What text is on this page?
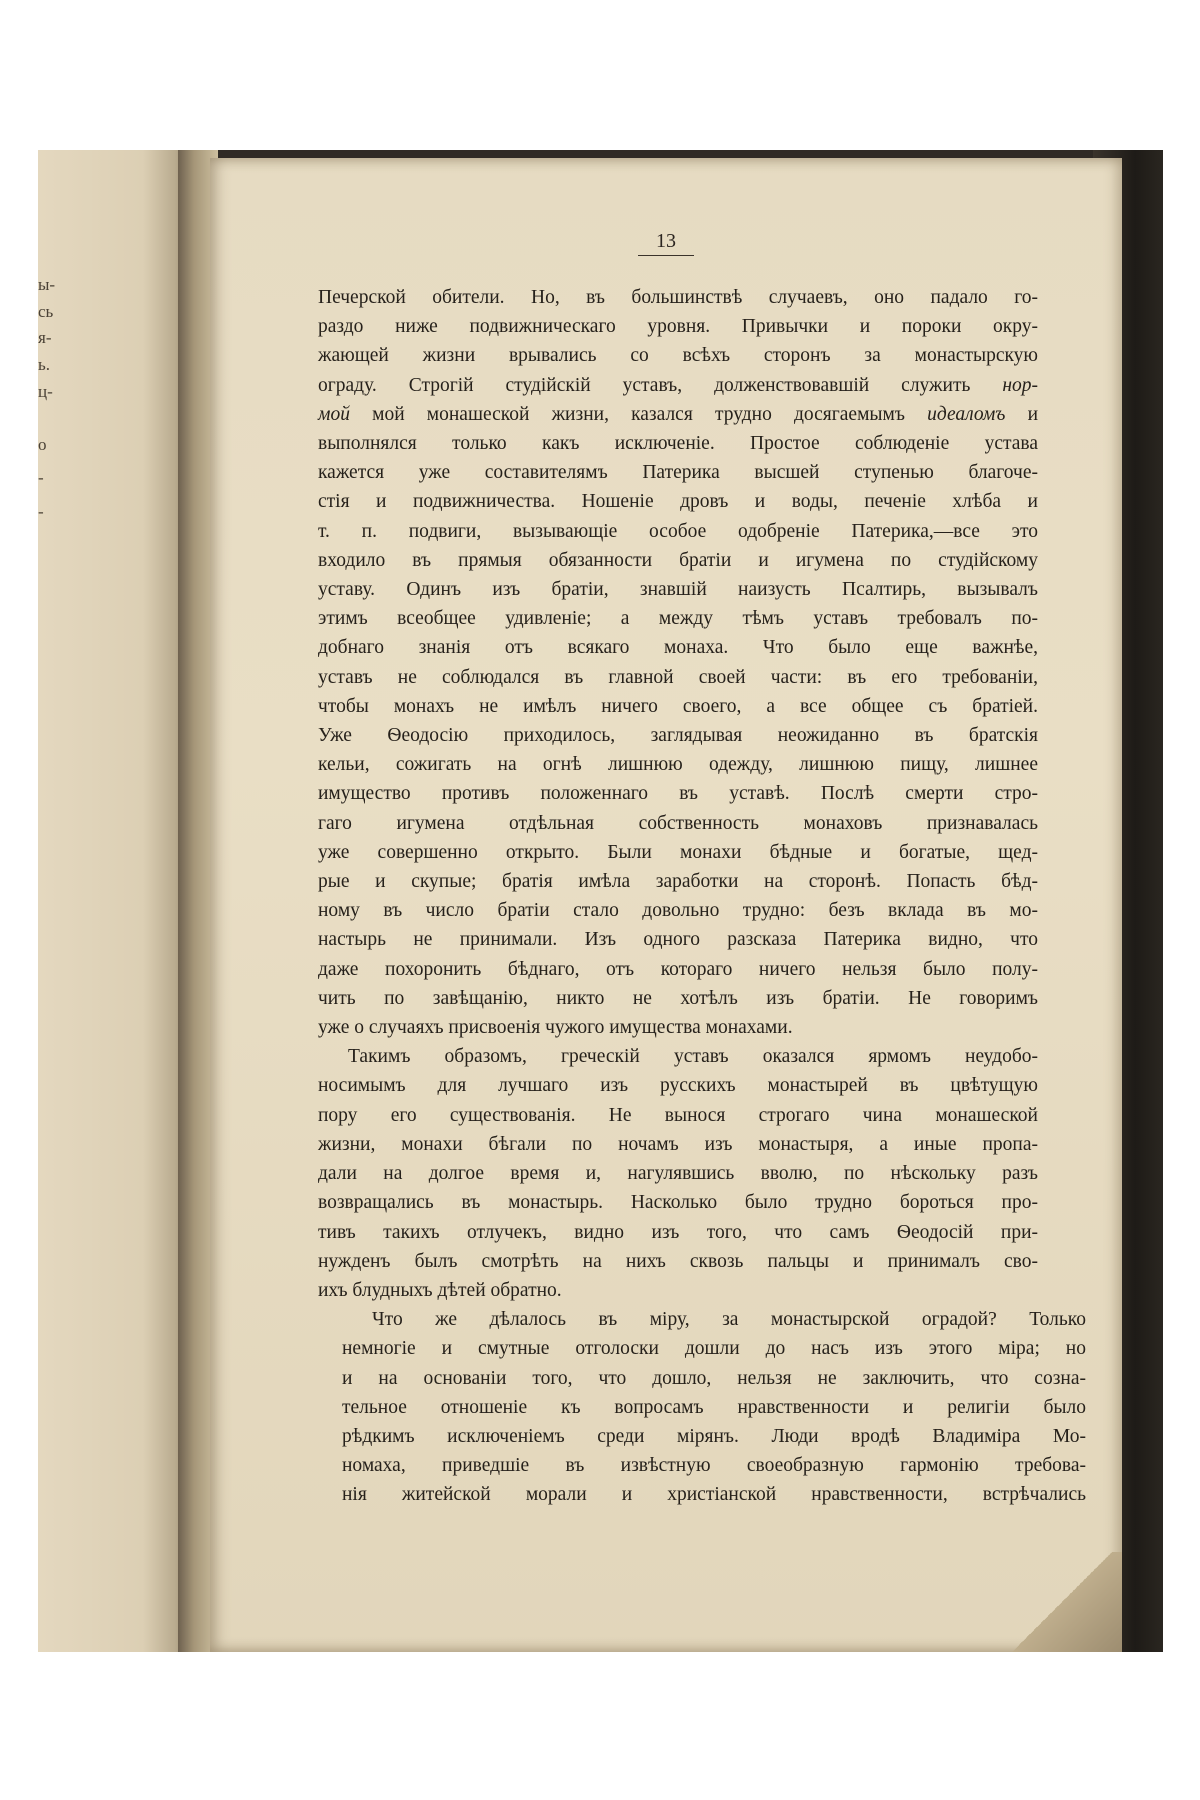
ы-
сь
я-
ь.
ц-
о
-
-
13
Печерской обители. Но, въ большинствѣ случаевъ, оно падало го-
раздо ниже подвижническаго уровня. Привычки и пороки окру-
жающей жизни врывались со всѣхъ сторонъ за монастырскую
ограду. Строгій студійскій уставъ, долженствовавшій служить нор-
мой мой монашеской жизни, казался трудно досягаемымъ идеаломъ и
выполнялся только какъ исключеніе. Простое соблюденіе устава
кажется уже составителямъ Патерика высшей ступенью благоче-
стія и подвижничества. Ношеніе дровъ и воды, печеніе хлѣба и
т. п. подвиги, вызывающіе особое одобреніе Патерика,—все это
входило въ прямыя обязанности братіи и игумена по студійскому
уставу. Одинъ изъ братіи, знавшій наизусть Псалтирь, вызывалъ
этимъ всеобщее удивленіе; а между тѣмъ уставъ требовалъ по-
добнаго знанія отъ всякаго монаха. Что было еще важнѣе,
уставъ не соблюдался въ главной своей части: въ его требованіи,
чтобы монахъ не имѣлъ ничего своего, а все общее съ братіей.
Уже Ѳеодосію приходилось, заглядывая неожиданно въ братскія
кельи, сожигать на огнѣ лишнюю одежду, лишнюю пищу, лишнее
имущество противъ положеннаго въ уставѣ. Послѣ смерти стро-
гаго игумена отдѣльная собственность монаховъ признавалась
уже совершенно открыто. Были монахи бѣдные и богатые, щед-
рые и скупые; братія имѣла заработки на сторонѣ. Попасть бѣд-
ному въ число братіи стало довольно трудно: безъ вклада въ мо-
настырь не принимали. Изъ одного разсказа Патерика видно, что
даже похоронить бѣднаго, отъ котораго ничего нельзя было полу-
чить по завѣщанію, никто не хотѣлъ изъ братіи. Не говоримъ
уже о случаяхъ присвоенія чужого имущества монахами.
Такимъ образомъ, греческій уставъ оказался ярмомъ неудобо-
носимымъ для лучшаго изъ русскихъ монастырей въ цвѣтущую
пору его существованія. Не вынося строгаго чина монашеской
жизни, монахи бѣгали по ночамъ изъ монастыря, а иные пропа-
дали на долгое время и, нагулявшись вволю, по нѣскольку разъ
возвращались въ монастырь. Насколько было трудно бороться про-
тивъ такихъ отлучекъ, видно изъ того, что самъ Ѳеодосій при-
нужденъ былъ смотрѣть на нихъ сквозь пальцы и принималъ сво-
ихъ блудныхъ дѣтей обратно.
Что же дѣлалось въ міру, за монастырской оградой? Только
немногіе и смутные отголоски дошли до насъ изъ этого міра; но
и на основаніи того, что дошло, нельзя не заключить, что созна-
тельное отношеніе къ вопросамъ нравственности и религіи было
рѣдкимъ исключеніемъ среди мірянъ. Люди вродѣ Владиміра Мо-
номаха, приведшіе въ извѣстную своеобразную гармонію требова-
нія житейской морали и христіанской нравственности, встрѣчались
